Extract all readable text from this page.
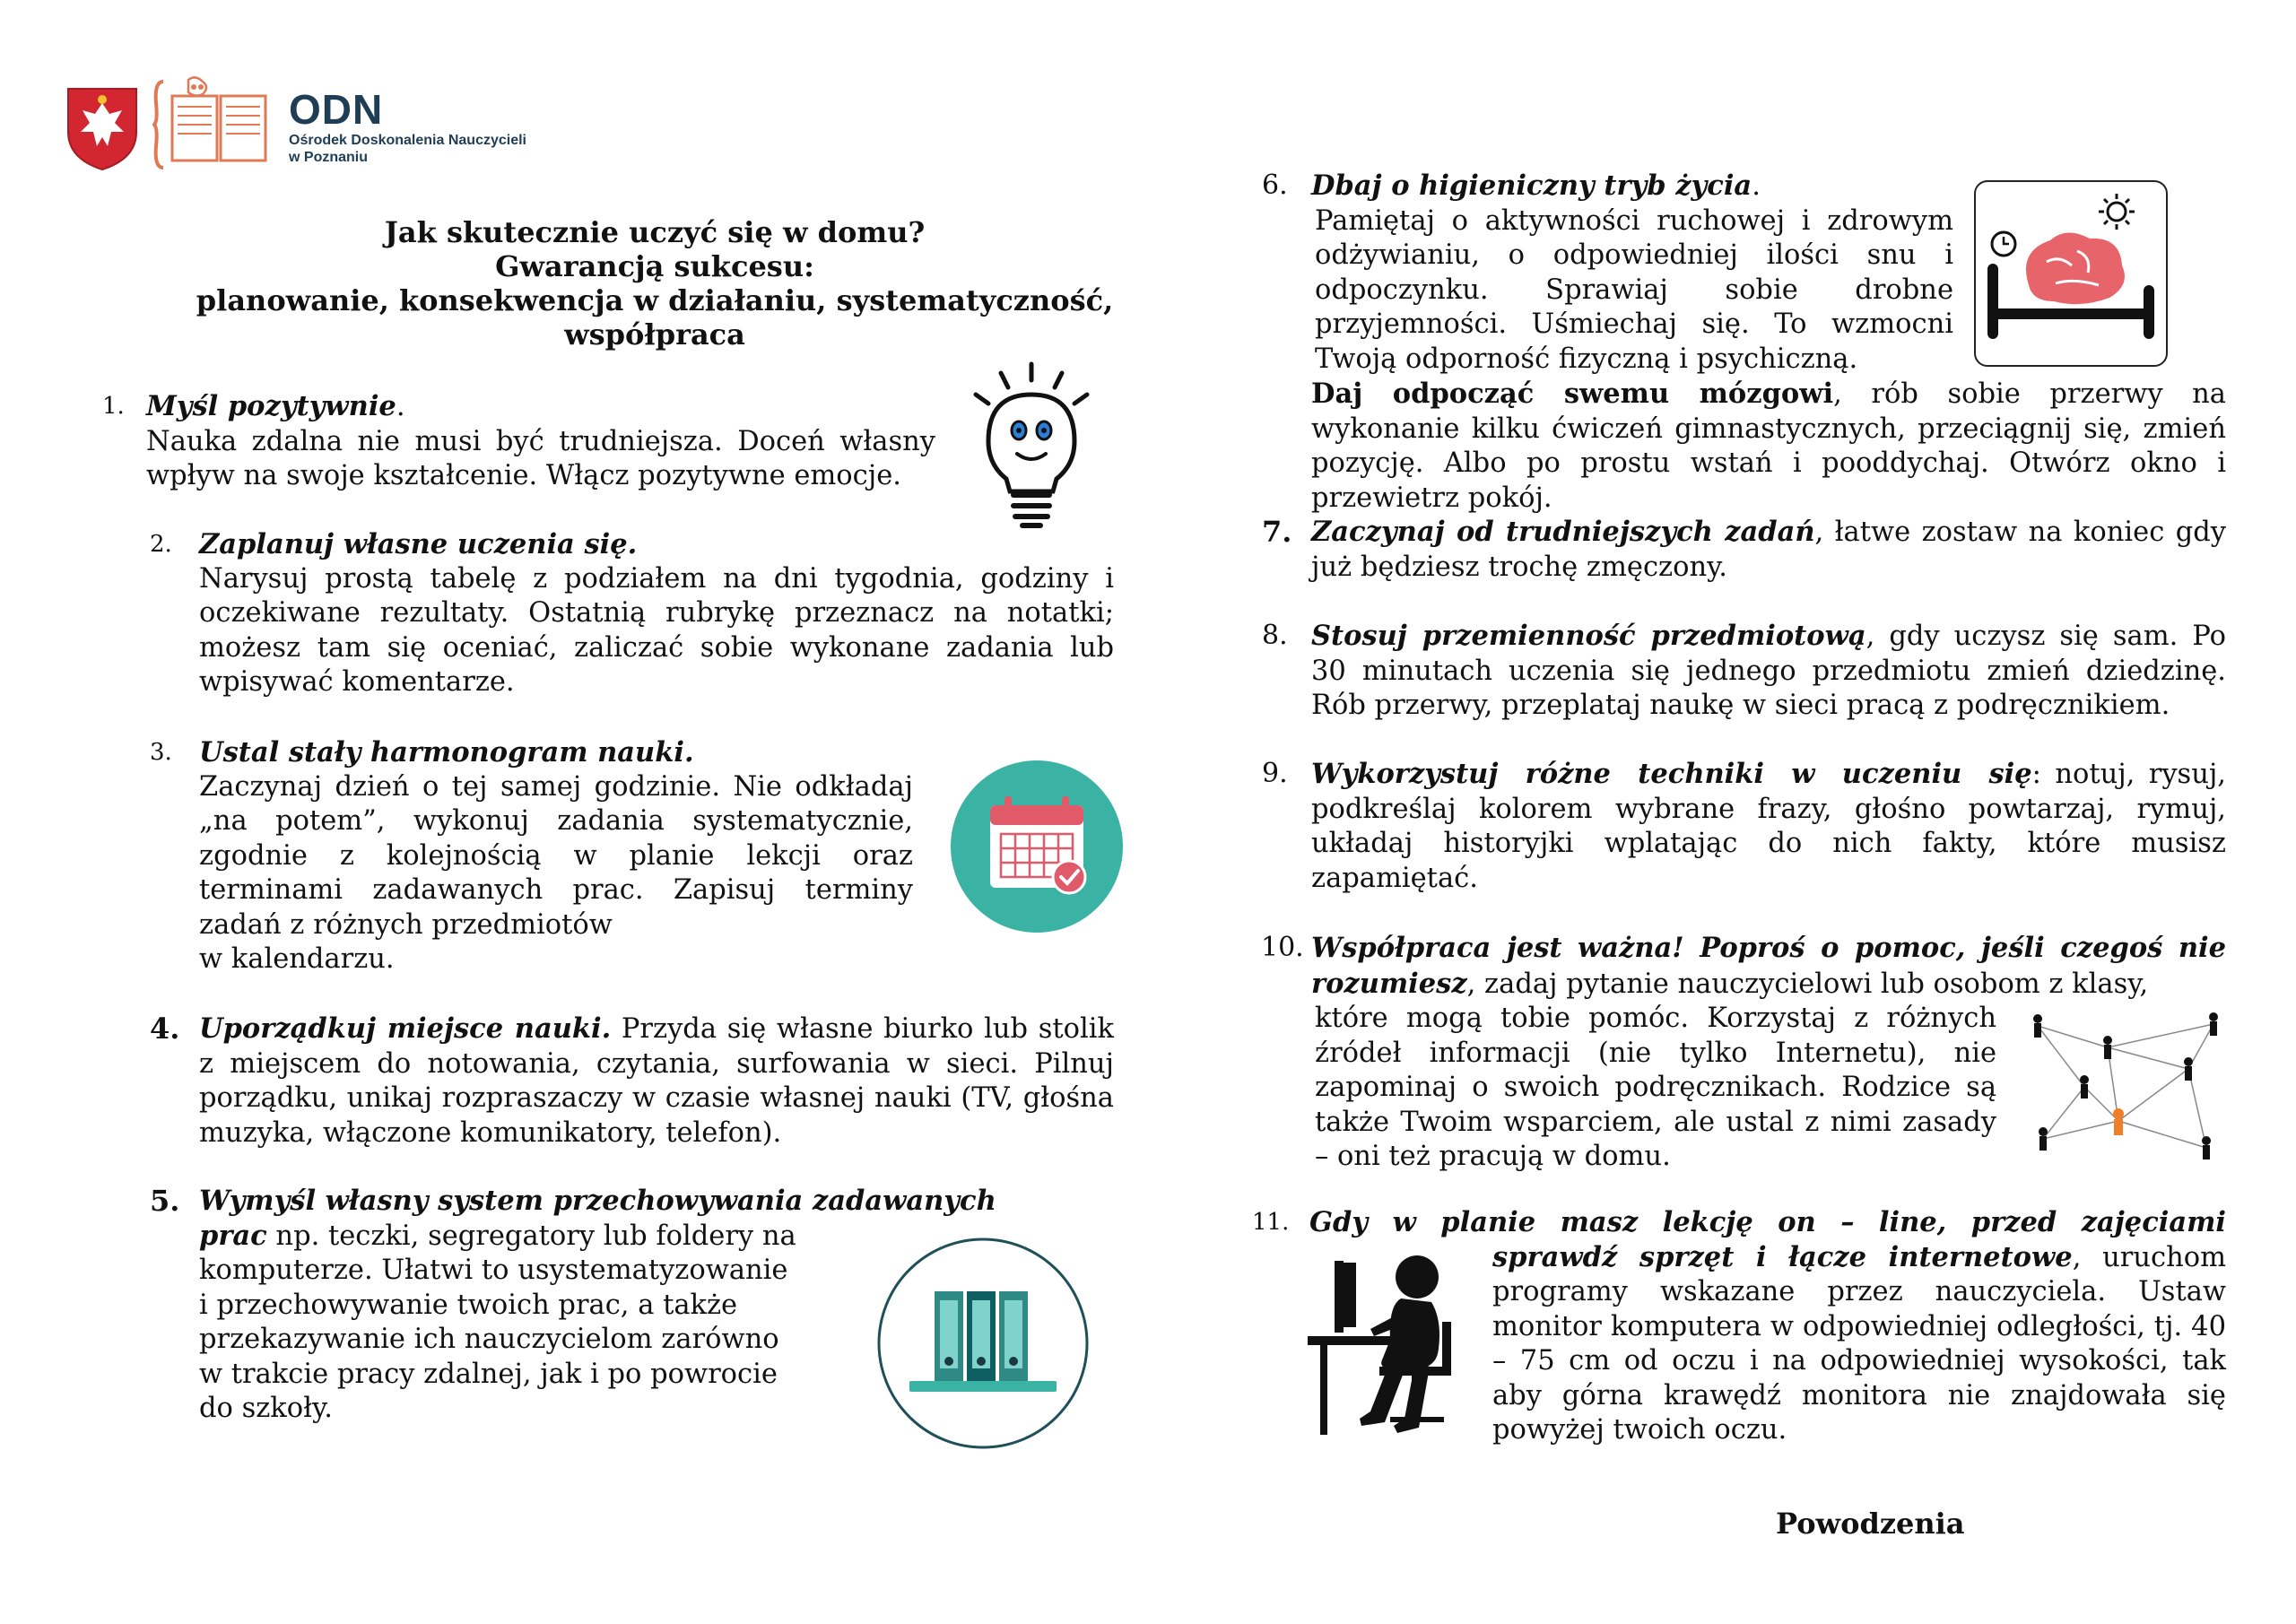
ODN
Ośrodek Doskonalenia Nauczycieli
w Poznaniu
Jak skutecznie uczyć się w domu?
Gwarancją sukcesu:
planowanie, konsekwencja w działaniu, systematyczność,
współpraca
1. Myśl pozytywnie.
Nauka zdalna nie musi być trudniejsza. Doceń własny wpływ na swoje kształcenie. Włącz pozytywne emocje.
2. Zaplanuj własne uczenia się.
Narysuj prostą tabelę z podziałem na dni tygodnia, godziny i oczekiwane rezultaty. Ostatnią rubrykę przeznacz na notatki; możesz tam się oceniać, zaliczać sobie wykonane zadania lub wpisywać komentarze.
3. Ustal stały harmonogram nauki.
Zaczynaj dzień o tej samej godzinie. Nie odkładaj „na potem”, wykonuj zadania systematycznie, zgodnie z kolejnością w planie lekcji oraz terminami zadawanych prac. Zapisuj terminy zadań z różnych przedmiotów
w kalendarzu.
4. Uporządkuj miejsce nauki. Przyda się własne biurko lub stolik z miejscem do notowania, czytania, surfowania w sieci. Pilnuj porządku, unikaj rozpraszaczy w czasie własnej nauki (TV, głośna muzyka, włączone komunikatory, telefon).
5. Wymyśl własny system przechowywania zadawanych
prac np. teczki, segregatory lub foldery na
komputerze. Ułatwi to usystematyzowanie i przechowywanie twoich prac, a także przekazywanie ich nauczycielom zarówno w trakcie pracy zdalnej, jak i po powrocie do szkoły.
6. Dbaj o higieniczny tryb życia.
Pamiętaj o aktywności ruchowej i zdrowym odżywianiu, o odpowiedniej ilości snu i odpoczynku. Sprawiaj sobie drobne przyjemności. Uśmiechaj się. To wzmocni Twoją odporność fizyczną i psychiczną.
Daj odpocząć swemu mózgowi, rób sobie przerwy na wykonanie kilku ćwiczeń gimnastycznych, przeciągnij się, zmień pozycję. Albo po prostu wstań i pooddychaj. Otwórz okno i przewietrz pokój.
7. Zaczynaj od trudniejszych zadań, łatwe zostaw na koniec gdy już będziesz trochę zmęczony.
8. Stosuj przemienność przedmiotową, gdy uczysz się sam. Po 30 minutach uczenia się jednego przedmiotu zmień dziedzinę. Rób przerwy, przeplataj naukę w sieci pracą z podręcznikiem.
9. Wykorzystuj różne techniki w uczeniu się: notuj, rysuj, podkreślaj kolorem wybrane frazy, głośno powtarzaj, rymuj, układaj historyjki wplatając do nich fakty, które musisz zapamiętać.
10. Współpraca jest ważna! Poproś o pomoc, jeśli czegoś nie rozumiesz, zadaj pytanie nauczycielowi lub osobom z klasy,
które mogą tobie pomóc. Korzystaj z różnych źródeł informacji (nie tylko Internetu), nie zapominaj o swoich podręcznikach. Rodzice są także Twoim wsparciem, ale ustal z nimi zasady – oni też pracują w domu.
11. Gdy w planie masz lekcję on – line, przed zajęciami
sprawdź sprzęt i łącze internetowe, uruchom programy wskazane przez nauczyciela. Ustaw monitor komputera w odpowiedniej odległości, tj. 40 – 75 cm od oczu i na odpowiedniej wysokości, tak aby górna krawędź monitora nie znajdowała się powyżej twoich oczu.
Powodzenia
